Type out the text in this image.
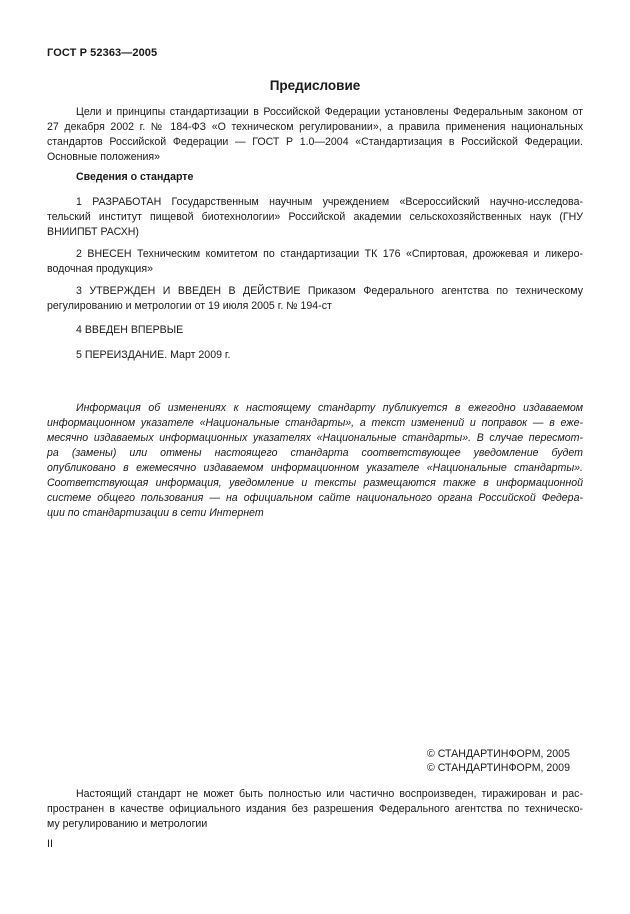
ГОСТ Р 52363—2005
Предисловие

Цели и принципы стандартизации в Российской Федерации установлены Федеральным законом от
27 декабря 2002 г. № 184-ФЗ «О техническом регулировании», а правила применения национальных
стандартов Российской Федерации — ГОСТ Р 1.0—2004 «Стандартизация в Российской Федерации.
Основные положения»

Сведения о стандарте

1 РАЗРАБОТАН Государственным научным учреждением «Всероссийский научно-исследова-
тельский институт пищевой биотехнологии» Российской академии сельскохозяйственных наук (ГНУ
ВНИИПБТ РАСХН)

2 ВНЕСЕН Техническим комитетом по стандартизации ТК 176 «Спиртовая, дрожжевая и ликеро-
водочная продукция»

3 УТВЕРЖДЕН И ВВЕДЕН В ДЕЙСТВИЕ Приказом Федерального агентства по техническому
регулированию и метрологии от 19 июля 2005 г. № 194-ст

4 ВВЕДЕН ВПЕРВЫЕ

5 ПЕРЕИЗДАНИЕ. Март 2009 г.

Информация об изменениях к настоящему стандарту публикуется в ежегодно издаваемом
информационном указателе «Национальные стандарты», а текст изменений и поправок — в еже-
месячно издаваемых информационных указателях «Национальные стандарты». В случае пересмот-
ра (замены) или отмены настоящего стандарта соответствующее уведомление будет
опубликовано в ежемесячно издаваемом информационном указателе «Национальные стандарты».
Соответствующая информация, уведомление и тексты размещаются также в информационной
системе общего пользования — на официальном сайте национального органа Российской Федера-
ции по стандартизации в сети Интернет

© СТАНДАРТИНФОРМ, 2005
© СТАНДАРТИНФОРМ, 2009

Настоящий стандарт не может быть полностью или частично воспроизведен, тиражирован и рас-
пространен в качестве официального издания без разрешения Федерального агентства по техническо-
му регулированию и метрологии

II
